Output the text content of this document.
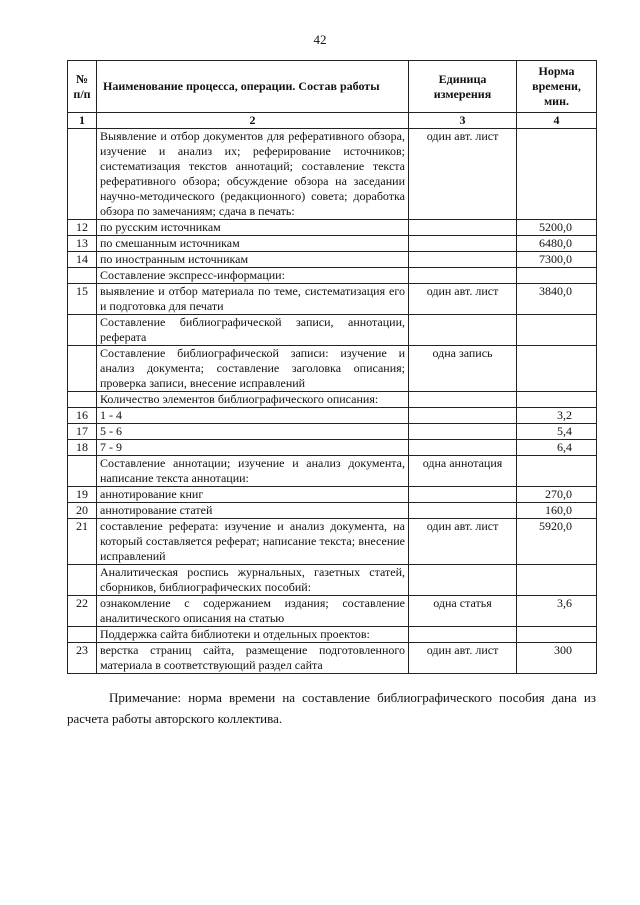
42
№ п/п	Наименование процесса, операции. Состав работы	Единица измерения	Норма времени, мин.
1	2	3	4
	Выявление и отбор документов для реферативного обзора, изучение и анализ их; реферирование источников; систематизация текстов аннотаций; составление текста реферативного обзора; обсуждение обзора на заседании научно-методического (редакционного) совета; доработка обзора по замечаниям; сдача в печать:	один авт. лист	
12	по русским источникам		5200,0
13	по смешанным источникам		6480,0
14	по иностранным источникам		7300,0
	Составление экспресс-информации:		
15	выявление и отбор материала по теме, систематизация его и подготовка для печати	один авт. лист	3840,0
	Составление библиографической записи, аннотации, реферата		
	Составление библиографической записи: изучение и анализ документа; составление заголовка описания; проверка записи, внесение исправлений	одна запись	
	Количество элементов библиографического описания:		
16	1 - 4		3,2
17	5 - 6		5,4
18	7 - 9		6,4
	Составление аннотации; изучение и анализ документа, написание текста аннотации:	одна аннотация	
19	аннотирование книг		270,0
20	аннотирование статей		160,0
21	составление реферата: изучение и анализ документа, на который составляется реферат; написание текста; внесение исправлений	один авт. лист	5920,0
	Аналитическая роспись журнальных, газетных статей, сборников, библиографических пособий:		
22	ознакомление с содержанием издания; составление аналитического описания на статью	одна статья	3,6
	Поддержка сайта библиотеки и отдельных проектов:		
23	верстка страниц сайта, размещение подготовленного материала в соответствующий раздел сайта	один авт. лист	300
Примечание: норма времени на составление библиографического пособия дана из расчета работы авторского коллектива.
